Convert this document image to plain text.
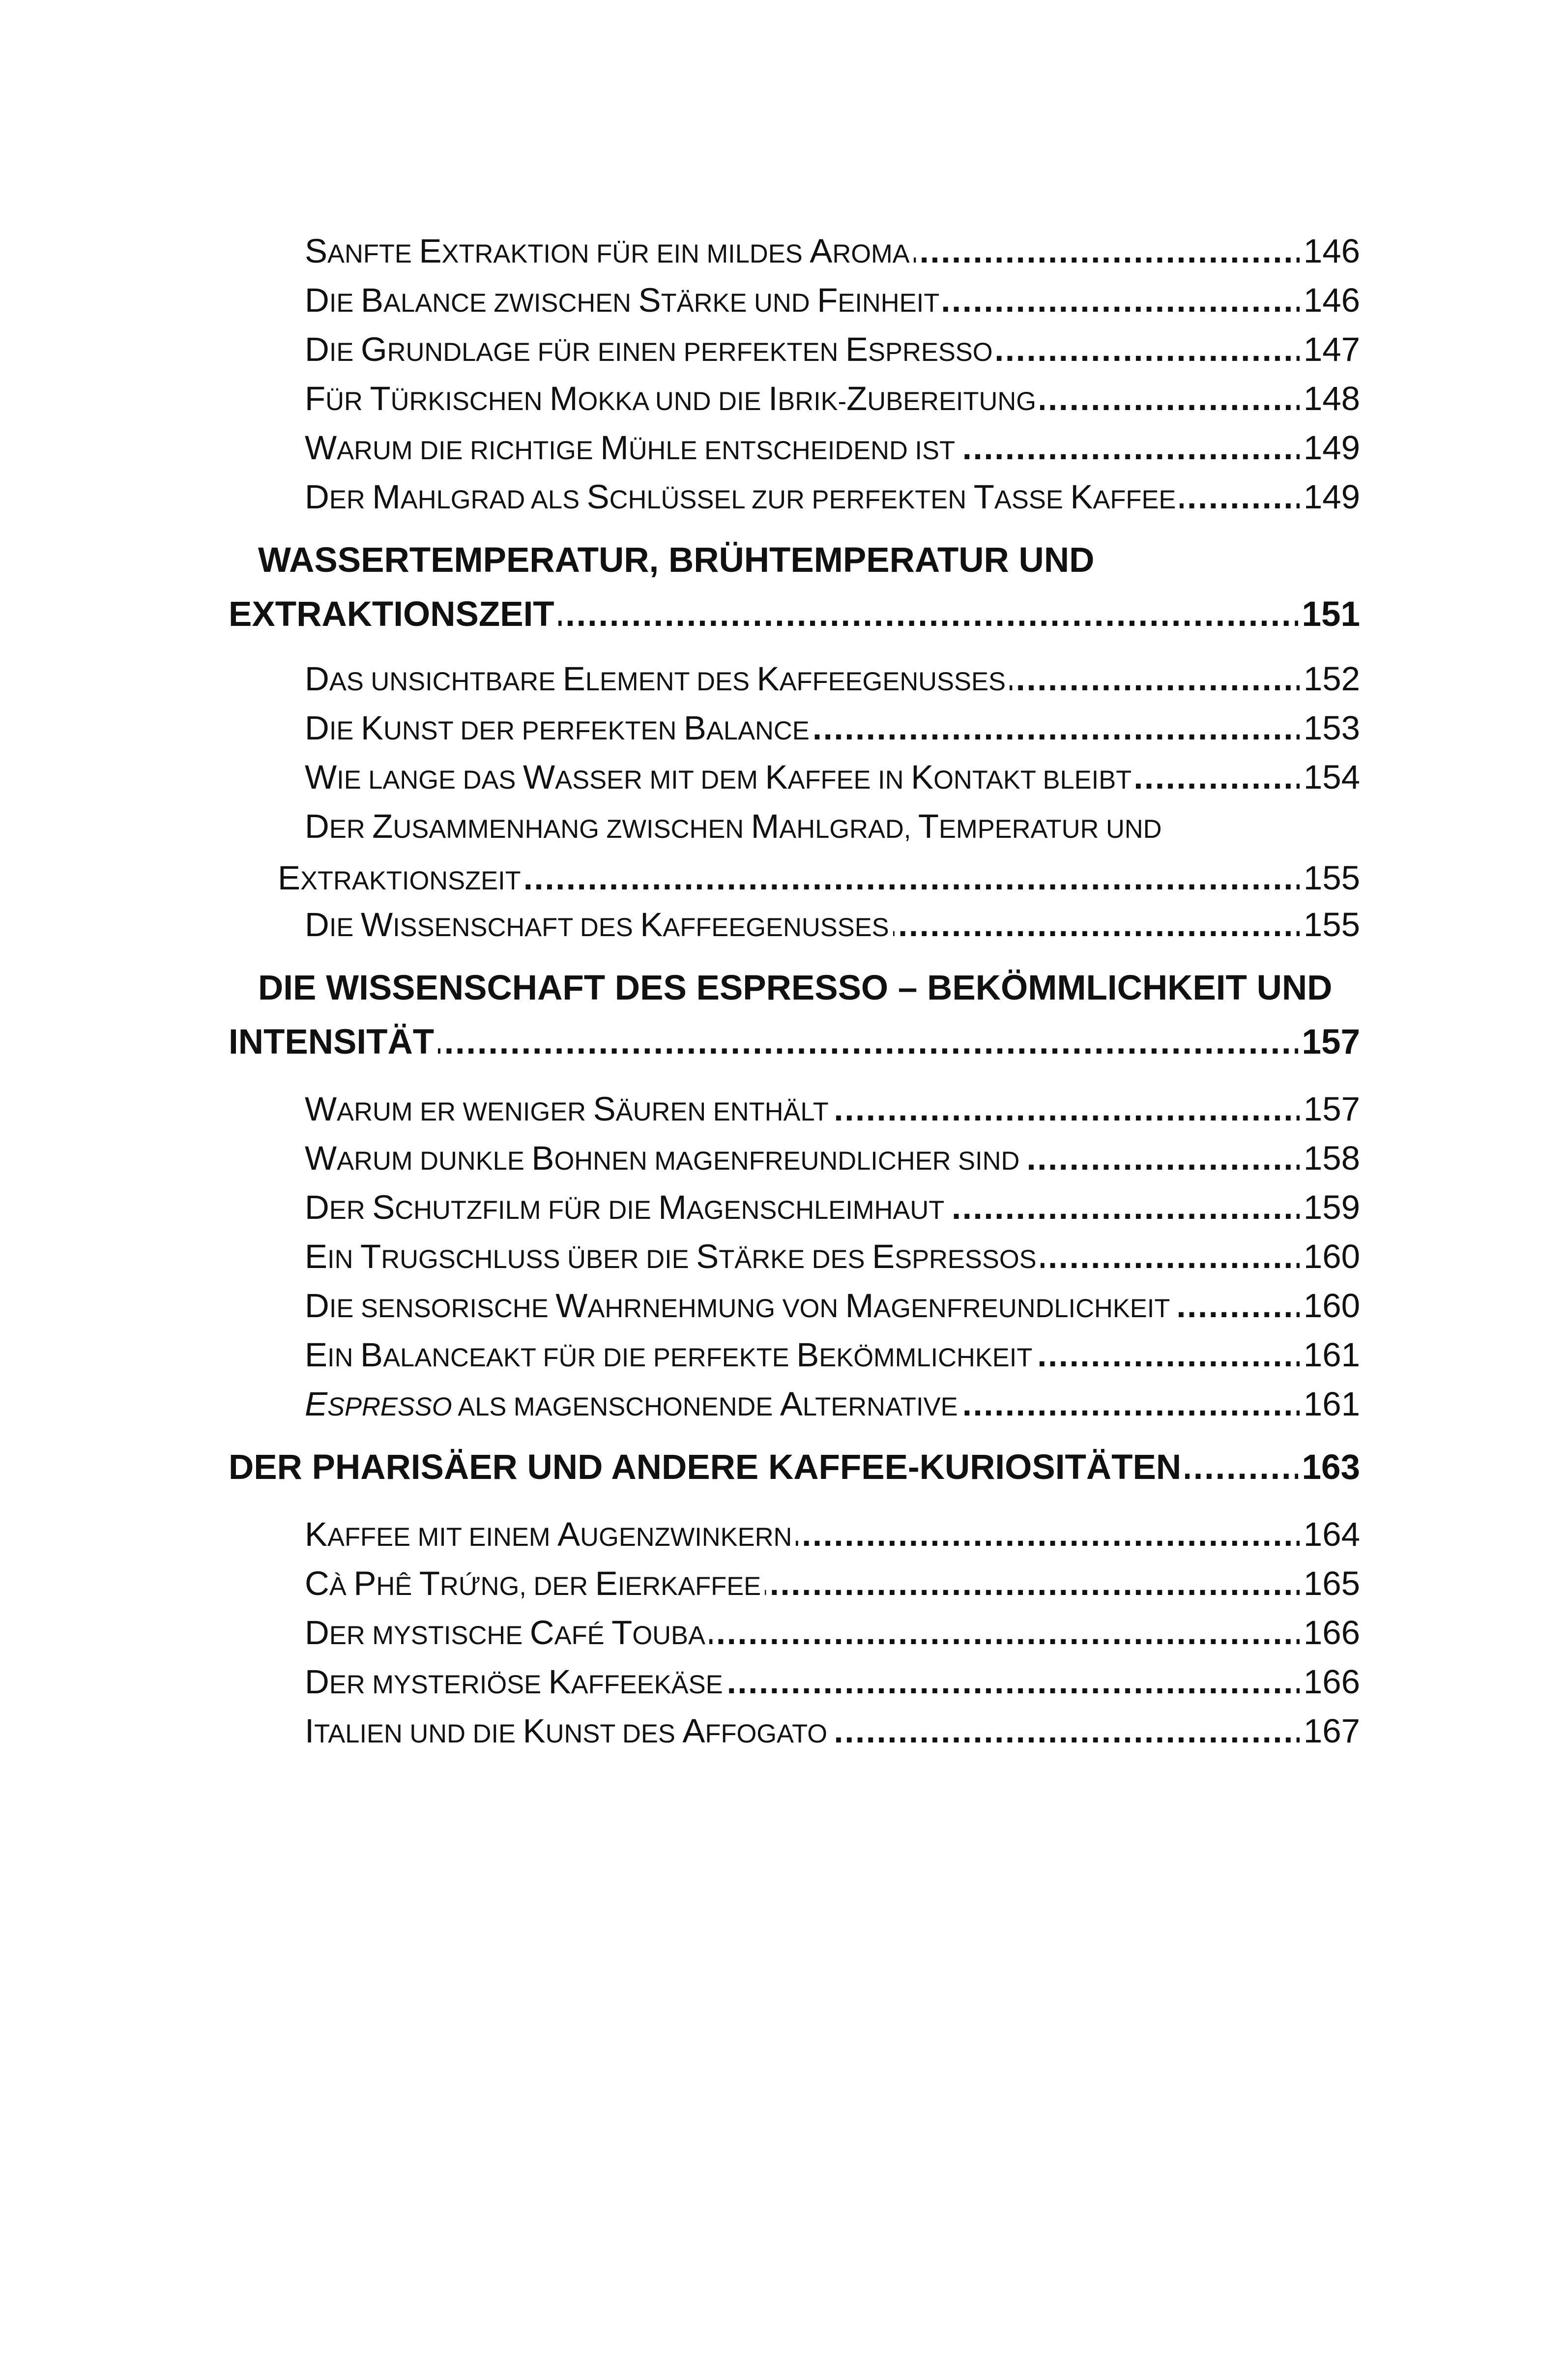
SANFTE EXTRAKTION FÜR EIN MILDES AROMA . . .	146
DIE BALANCE ZWISCHEN STÄRKE UND FEINHEIT . . .	146
DIE GRUNDLAGE FÜR EINEN PERFEKTEN ESPRESSO . . .	147
FÜR TÜRKISCHEN MOKKA UND DIE IBRIK-ZUBEREITUNG . . .	148
WARUM DIE RICHTIGE MÜHLE ENTSCHEIDEND IST . . .	149
DER MAHLGRAD ALS SCHLÜSSEL ZUR PERFEKTEN TASSE KAFFEE . . .	149
WASSERTEMPERATUR, BRÜHTEMPERATUR UND
EXTRAKTIONSZEIT . . .	151
DAS UNSICHTBARE ELEMENT DES KAFFEEGENUSSES . . .	152
DIE KUNST DER PERFEKTEN BALANCE . . .	153
WIE LANGE DAS WASSER MIT DEM KAFFEE IN KONTAKT BLEIBT . . .	154
DER ZUSAMMENHANG ZWISCHEN MAHLGRAD, TEMPERATUR UND
EXTRAKTIONSZEIT . . .	155
DIE WISSENSCHAFT DES KAFFEEGENUSSES . . .	155
DIE WISSENSCHAFT DES ESPRESSO – BEKÖMMLICHKEIT UND
INTENSITÄT . . .	157
WARUM ER WENIGER SÄUREN ENTHÄLT . . .	157
WARUM DUNKLE BOHNEN MAGENFREUNDLICHER SIND . . .	158
DER SCHUTZFILM FÜR DIE MAGENSCHLEIMHAUT . . .	159
EIN TRUGSCHLUSS ÜBER DIE STÄRKE DES ESPRESSOS . . .	160
DIE SENSORISCHE WAHRNEHMUNG VON MAGENFREUNDLICHKEIT . . .	160
EIN BALANCEAKT FÜR DIE PERFEKTE BEKÖMMLICHKEIT . . .	161
ESPRESSO ALS MAGENSCHONENDE ALTERNATIVE . . .	161
DER PHARISÄER UND ANDERE KAFFEE-KURIOSITÄTEN . . .	163
KAFFEE MIT EINEM AUGENZWINKERN . . .	164
CÀ PHÊ TRỨNG, DER EIERKAFFEE . . .	165
DER MYSTISCHE CAFÉ TOUBA . . .	166
DER MYSTERIÖSE KAFFEEKÄSE . . .	166
ITALIEN UND DIE KUNST DES AFFOGATO . . .	167
